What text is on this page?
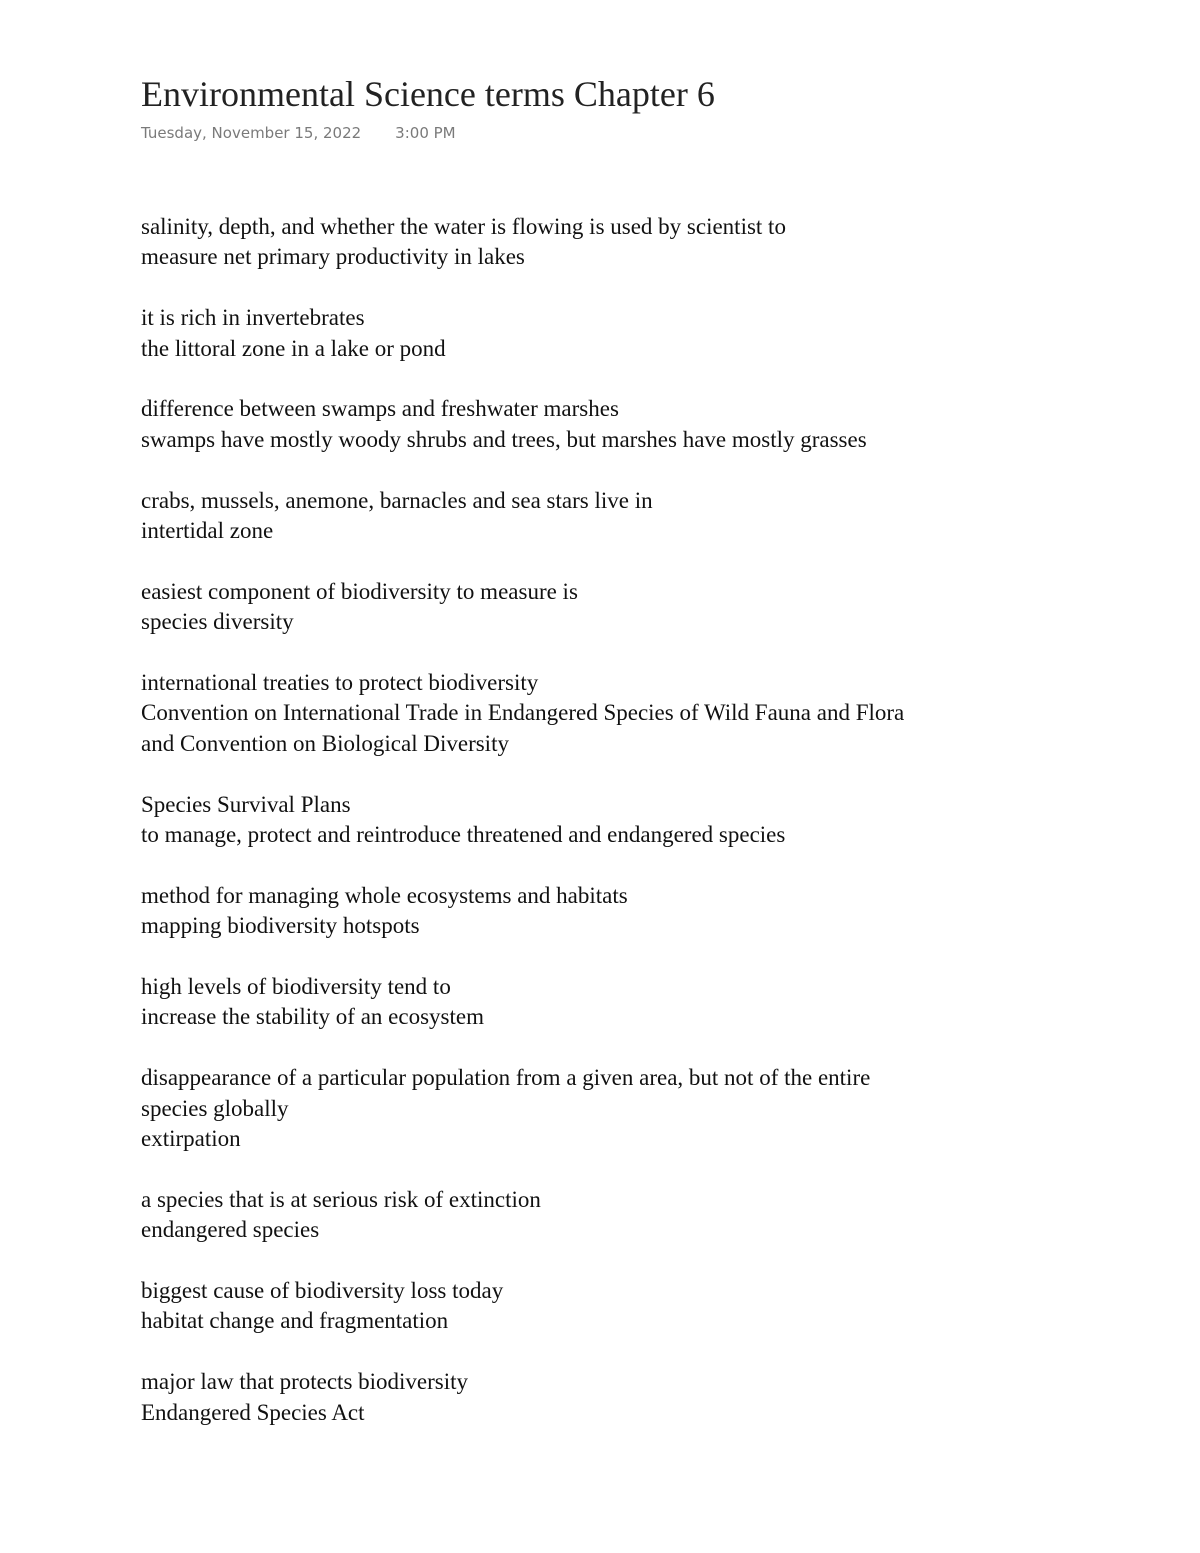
Environmental Science terms Chapter 6
Tuesday, November 15, 2022 3:00 PM
salinity, depth, and whether the water is flowing is used by scientist to
measure net primary productivity in lakes
it is rich in invertebrates
the littoral zone in a lake or pond
difference between swamps and freshwater marshes
swamps have mostly woody shrubs and trees, but marshes have mostly grasses
crabs, mussels, anemone, barnacles and sea stars live in
intertidal zone
easiest component of biodiversity to measure is
species diversity
international treaties to protect biodiversity
Convention on International Trade in Endangered Species of Wild Fauna and Flora
and Convention on Biological Diversity
Species Survival Plans
to manage, protect and reintroduce threatened and endangered species
method for managing whole ecosystems and habitats
mapping biodiversity hotspots
high levels of biodiversity tend to
increase the stability of an ecosystem
disappearance of a particular population from a given area, but not of the entire
species globally
extirpation
a species that is at serious risk of extinction
endangered species
biggest cause of biodiversity loss today
habitat change and fragmentation
major law that protects biodiversity
Endangered Species Act
